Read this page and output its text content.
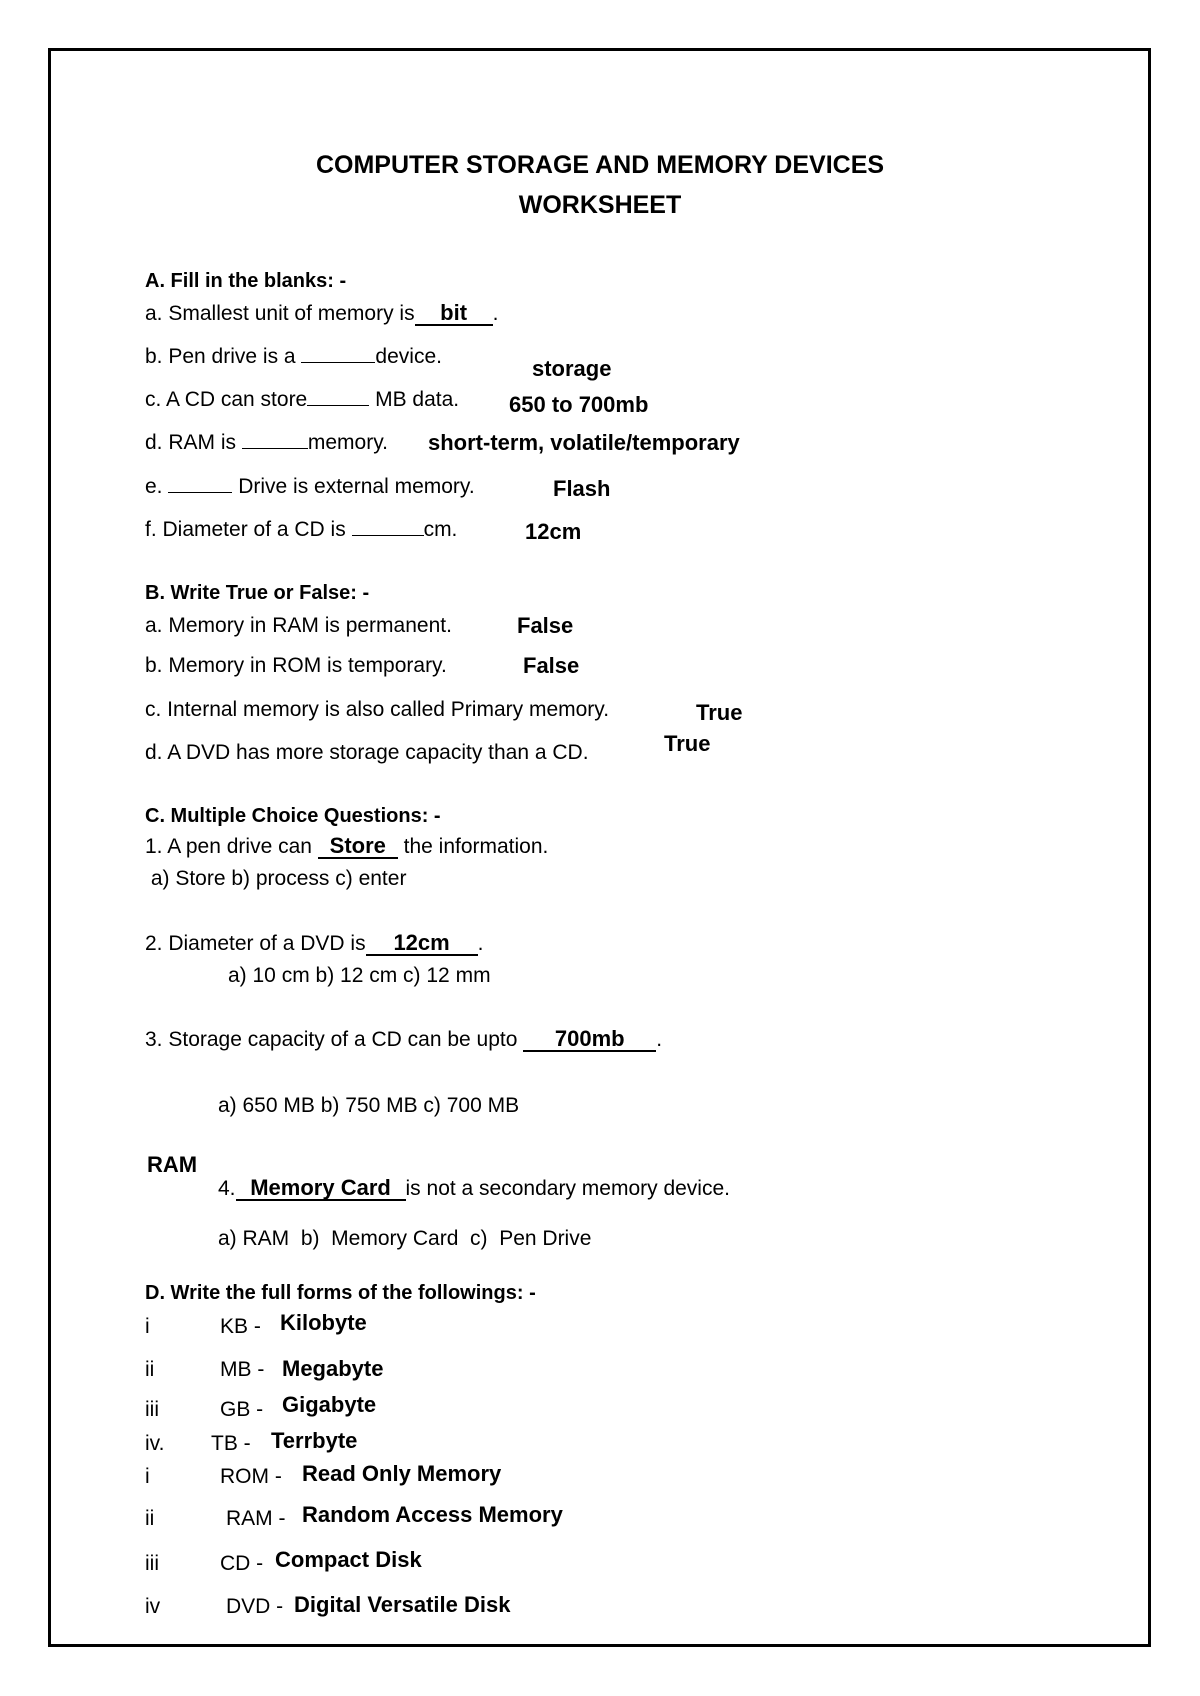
COMPUTER STORAGE AND MEMORY DEVICES
WORKSHEET
A. Fill in the blanks: -
a. Smallest unit of memory is bit .
b. Pen drive is a	device.	storage
c. A CD can store	MB data. 650 to 700mb
d. RAM is	memory. short-term, volatile/temporary
e.	Drive is external memory.	Flash
f. Diameter of a CD is	cm.	12cm
B. Write True or False: -
a. Memory in RAM is permanent.	False
b. Memory in ROM is temporary.	False
c. Internal memory is also called Primary memory.	True
d. A DVD has more storage capacity than a CD.	True
C. Multiple Choice Questions: -
1. A pen drive can Store the information.
a) Store b) process c) enter
2. Diameter of a DVD is 12cm .
a) 10 cm b) 12 cm c) 12 mm
3. Storage capacity of a CD can be upto 700mb .
a) 650 MB b) 750 MB c) 700 MB
RAM
4. Memory Card is not a secondary memory device.
a) RAM  b)  Memory Card  c)  Pen Drive
D. Write the full forms of the followings: -
i	KB - Kilobyte
ii	MB - Megabyte
iii	GB - Gigabyte
iv. TB - Terrbyte
i	ROM - Read Only Memory
ii	RAM - Random Access Memory
iii	CD - Compact Disk
iv	DVD - Digital Versatile Disk
